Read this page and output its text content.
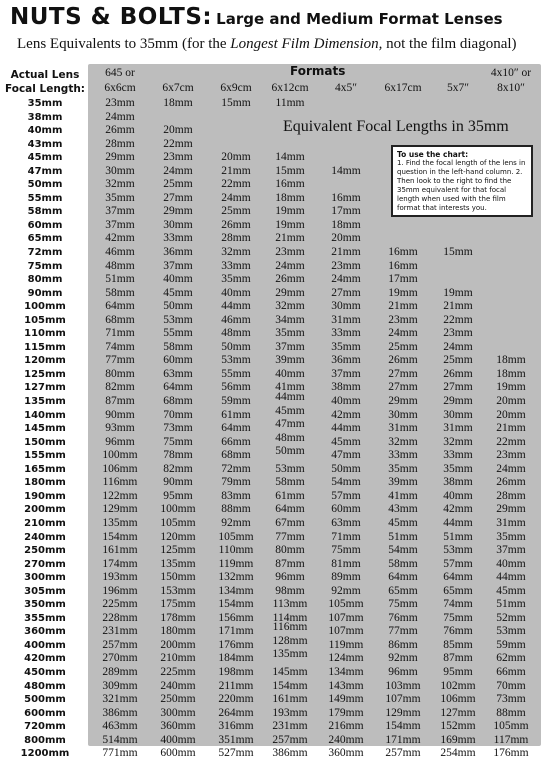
NUTS & BOLTS: Large and Medium Format Lenses
Lens Equivalents to 35mm (for the Longest Film Dimension, not the film diagonal)
Actual Lens
Focal Length:
Formats
645 or
6x6cm	6x7cm	6x9cm	6x12cm	4x5″	6x17cm	5x7″
4x10″ or
8x10″
Equivalent Focal Lengths in 35mm
To use the chart:
1. Find the focal length of the lens in question in the left-hand column. 2. Then look to the right to find the 35mm equivalent for that focal length when used with the film format that interests you.
35mm	23mm	18mm	15mm	11mm
38mm	24mm
40mm	26mm	20mm
43mm	28mm	22mm
45mm	29mm	23mm	20mm	14mm
47mm	30mm	24mm	21mm	15mm	14mm
50mm	32mm	25mm	22mm	16mm
55mm	35mm	27mm	24mm	18mm	16mm
58mm	37mm	29mm	25mm	19mm	17mm
60mm	37mm	30mm	26mm	19mm	18mm
65mm	42mm	33mm	28mm	21mm	20mm
72mm	46mm	36mm	32mm	23mm	21mm	16mm	15mm
75mm	48mm	37mm	33mm	24mm	23mm	16mm
80mm	51mm	40mm	35mm	26mm	24mm	17mm
90mm	58mm	45mm	40mm	29mm	27mm	19mm	19mm
100mm	64mm	50mm	44mm	32mm	30mm	21mm	21mm
105mm	68mm	53mm	46mm	34mm	31mm	23mm	22mm
110mm	71mm	55mm	48mm	35mm	33mm	24mm	23mm
115mm	74mm	58mm	50mm	37mm	35mm	25mm	24mm
120mm	77mm	60mm	53mm	39mm	36mm	26mm	25mm	18mm
125mm	80mm	63mm	55mm	40mm	37mm	27mm	26mm	18mm
127mm	82mm	64mm	56mm	41mm	38mm	27mm	27mm	19mm
135mm	87mm	68mm	59mm	44mm	40mm	29mm	29mm	20mm
140mm	90mm	70mm	61mm	45mm	42mm	30mm	30mm	20mm
145mm	93mm	73mm	64mm	47mm	44mm	31mm	31mm	21mm
150mm	96mm	75mm	66mm	48mm	45mm	32mm	32mm	22mm
155mm	100mm	78mm	68mm	50mm	47mm	33mm	33mm	23mm
165mm	106mm	82mm	72mm	53mm	50mm	35mm	35mm	24mm
180mm	116mm	90mm	79mm	58mm	54mm	39mm	38mm	26mm
190mm	122mm	95mm	83mm	61mm	57mm	41mm	40mm	28mm
200mm	129mm	100mm	88mm	64mm	60mm	43mm	42mm	29mm
210mm	135mm	105mm	92mm	67mm	63mm	45mm	44mm	31mm
240mm	154mm	120mm	105mm	77mm	71mm	51mm	51mm	35mm
250mm	161mm	125mm	110mm	80mm	75mm	54mm	53mm	37mm
270mm	174mm	135mm	119mm	87mm	81mm	58mm	57mm	40mm
300mm	193mm	150mm	132mm	96mm	89mm	64mm	64mm	44mm
305mm	196mm	153mm	134mm	98mm	92mm	65mm	65mm	45mm
350mm	225mm	175mm	154mm	113mm	105mm	75mm	74mm	51mm
355mm	228mm	178mm	156mm	114mm	107mm	76mm	75mm	52mm
360mm	231mm	180mm	171mm	116mm	107mm	77mm	76mm	53mm
400mm	257mm	200mm	176mm	128mm	119mm	86mm	85mm	59mm
420mm	270mm	210mm	184mm	135mm	124mm	92mm	87mm	62mm
450mm	289mm	225mm	198mm	145mm	134mm	96mm	95mm	66mm
480mm	309mm	240mm	211mm	154mm	143mm	103mm	102mm	70mm
500mm	321mm	250mm	220mm	161mm	149mm	107mm	106mm	73mm
600mm	386mm	300mm	264mm	193mm	179mm	129mm	127mm	88mm
720mm	463mm	360mm	316mm	231mm	216mm	154mm	152mm	105mm
800mm	514mm	400mm	351mm	257mm	240mm	171mm	169mm	117mm
1200mm	771mm	600mm	527mm	386mm	360mm	257mm	254mm	176mm
